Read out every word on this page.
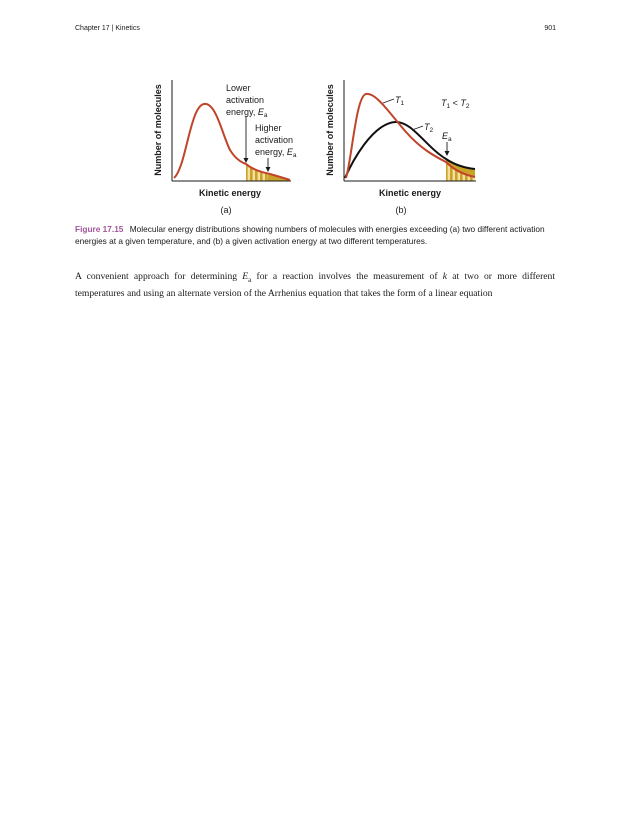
Chapter 17 | Kinetics	901
Lower activation energy, $E_a$
Higher activation energy, $E_a$
Number of molecules
Kinetic energy
(a)
$T_1$
$T_2$
$T_1 < T_2$
$E_a$
Number of molecules
Kinetic energy
(b)
Figure 17.15 Molecular energy distributions showing numbers of molecules with energies exceeding (a) two different activation energies at a given temperature, and (b) a given activation energy at two different temperatures.
A convenient approach for determining $E_a$ for a reaction involves the measurement of k at two or more different temperatures and using an alternate version of the Arrhenius equation that takes the form of a linear equation
